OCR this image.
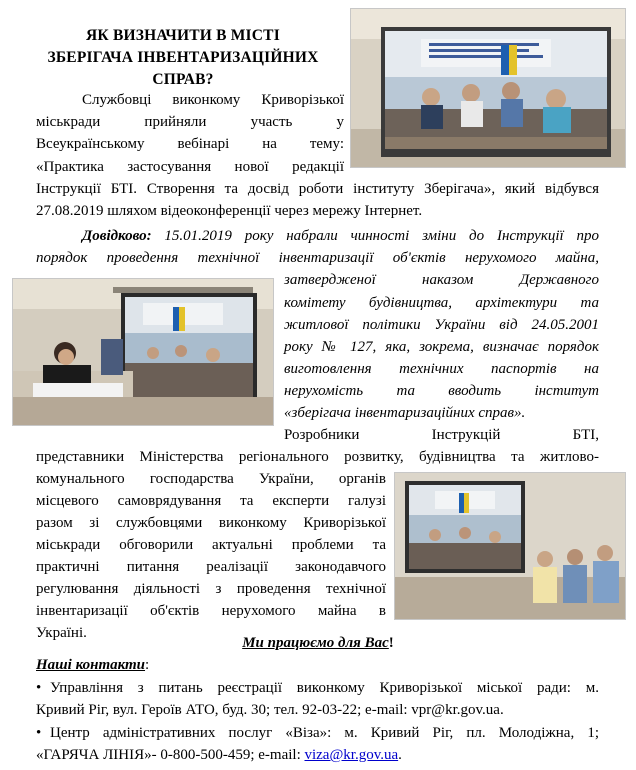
ЯК ВИЗНАЧИТИ В МІСТІ
ЗБЕРІГАЧА ІНВЕНТАРИЗАЦІЙНИХ
СПРАВ?
Службовці виконкому Криворізької
міськради прийняли участь у
Всеукраїнському вебінарі на тему:
«Практика застосування нової редакції
Інструкції БТІ. Створення та досвід роботи інституту Зберігача», який відбувся
27.08.2019 шляхом відеоконференції через мережу Інтернет.
Довідково: 15.01.2019 року набрали чинності зміни до Інструкції про
порядок проведення технічної інвентаризації об'єктів нерухомого майна,
затвердженої наказом Державного
комітету будівництва, архітектури та
житлової політики України від 24.05.2001
року № 127, яка, зокрема, визначає порядок
виготовлення технічних паспортів на
нерухомість та вводить інститут
«зберігача інвентаризаційних справ».
Розробники Інструкцій БТІ,
представники Міністерства регіонального розвитку, будівництва та житлово-
комунального господарства України, органів
місцевого самоврядування та експерти галузі
разом зі службовцями виконкому Криворізької
міськради обговорили актуальні проблеми та
практичні питання реалізації законодавчого
регулювання діяльності з проведення технічної
інвентаризації об'єктів нерухомого майна в
Україні.
Ми працюємо для Вас!
Наші контакти:
• Управління з питань реєстрації виконкому Криворізької міської ради: м.
Кривий Ріг, вул. Героїв АТО, буд. 30; тел. 92-03-22; e-mail: vpr@kr.gov.ua.
• Центр адміністративних послуг «Віза»: м. Кривий Ріг, пл. Молодіжна, 1;
«ГАРЯЧА ЛІНІЯ»- 0-800-500-459; e-mail: viza@kr.gov.ua.
